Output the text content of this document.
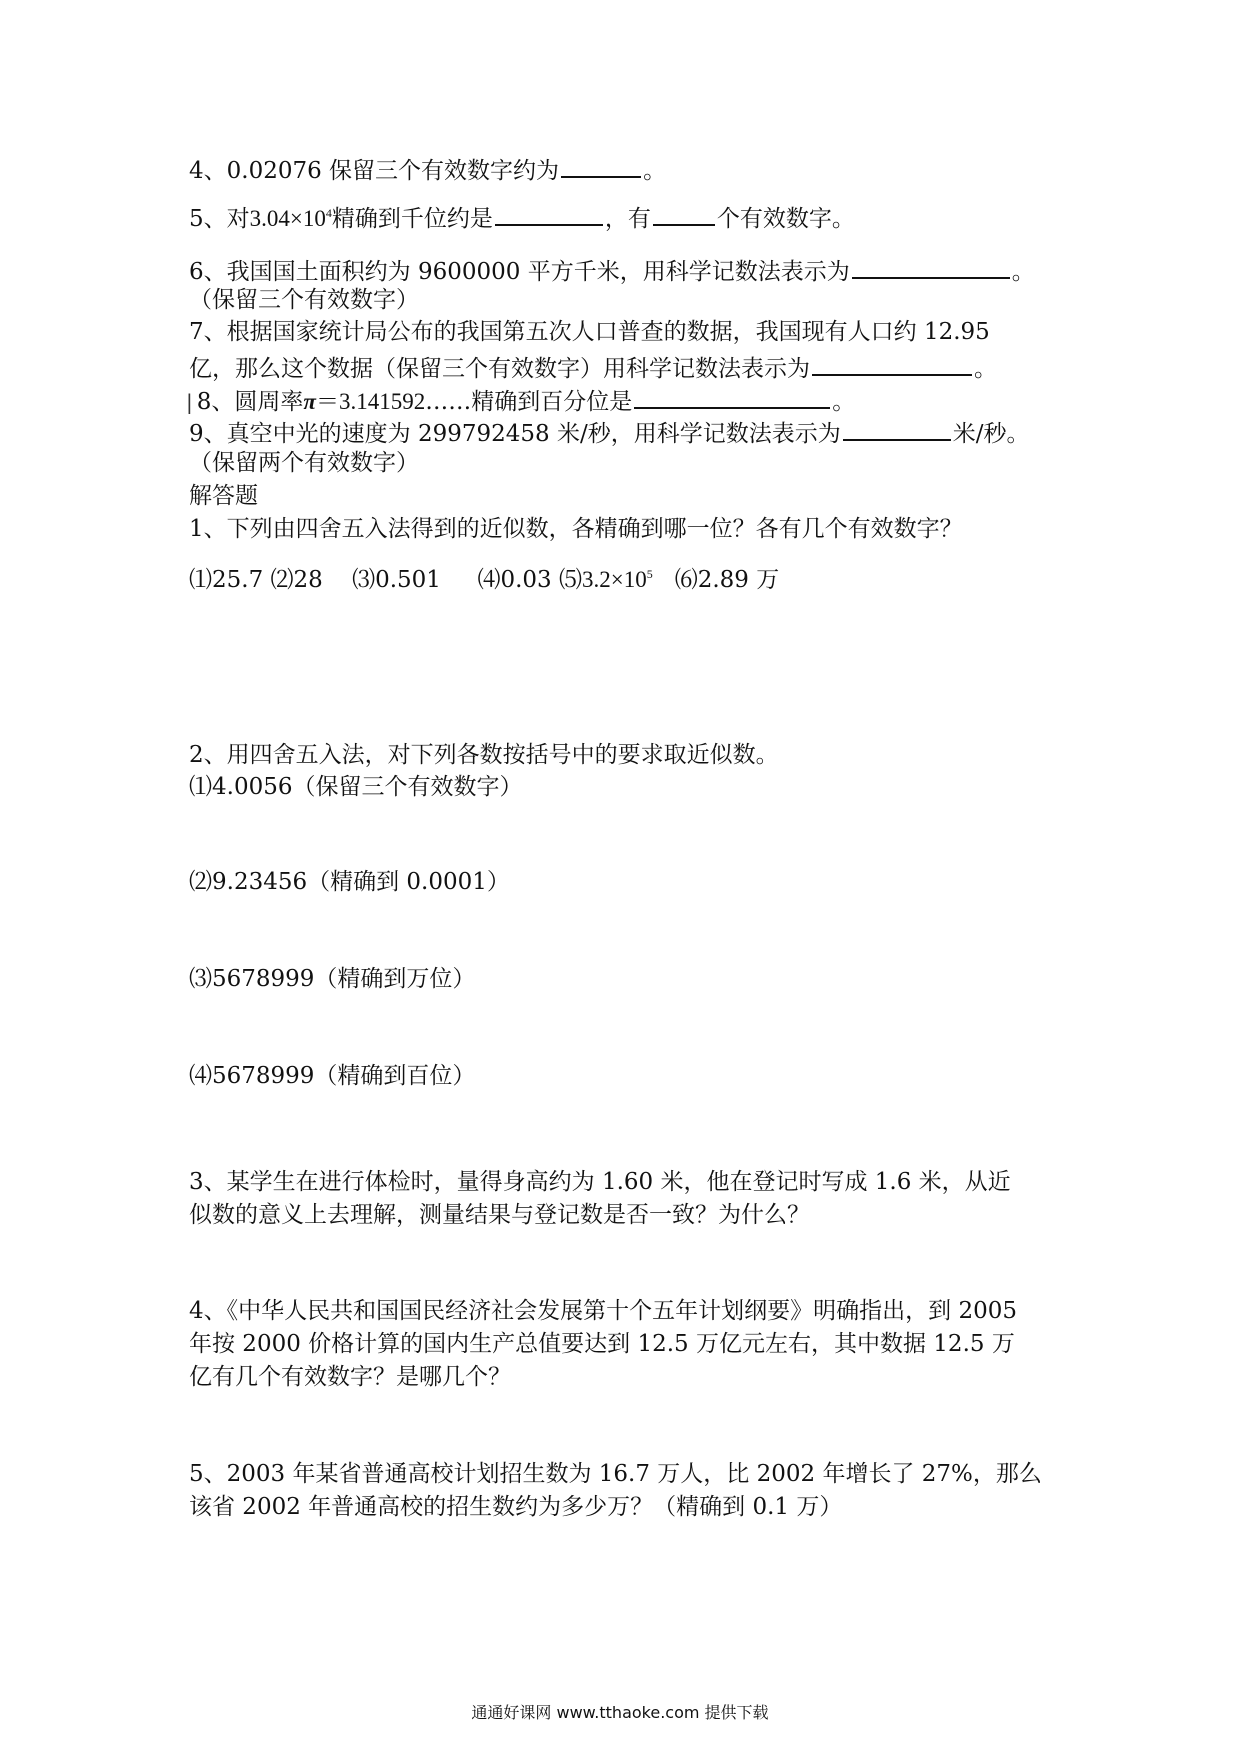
4、0.02076 保留三个有效数字约为	。
5、对$3.04\times 10^4$精确到千位约是	，有	个有效数字。
6、我国国土面积约为 9600000 平方千米，用科学记数法表示为	。
（保留三个有效数字）
7、根据国家统计局公布的我国第五次人口普查的数据，我国现有人口约 12.95
亿，那么这个数据（保留三个有效数字）用科学记数法表示为	。
| 8、圆周率π＝3.141592……精确到百分位是	。
9、真空中光的速度为 299792458 米/秒，用科学记数法表示为	米/秒。
（保留两个有效数字）
解答题
1、下列由四舍五入法得到的近似数，各精确到哪一位？各有几个有效数字？
⑴25.7 ⑵28 ⑶0.501 ⑷0.03 $⑸3.2\times 10^5$ ⑹2.89 万
2、用四舍五入法，对下列各数按括号中的要求取近似数。
⑴4.0056（保留三个有效数字）
⑵9.23456（精确到 0.0001）
⑶5678999（精确到万位）
⑷5678999（精确到百位）
3、某学生在进行体检时，量得身高约为 1.60 米，他在登记时写成 1.6 米，从近
似数的意义上去理解，测量结果与登记数是否一致？为什么？
4、《中华人民共和国国民经济社会发展第十个五年计划纲要》明确指出，到 2005
年按 2000 价格计算的国内生产总值要达到 12.5 万亿元左右，其中数据 12.5 万
亿有几个有效数字？是哪几个？
5、2003 年某省普通高校计划招生数为 16.7 万人，比 2002 年增长了 27%，那么
该省 2002 年普通高校的招生数约为多少万？（精确到 0.1 万）
通通好课网 www.tthaoke.com 提供下载
